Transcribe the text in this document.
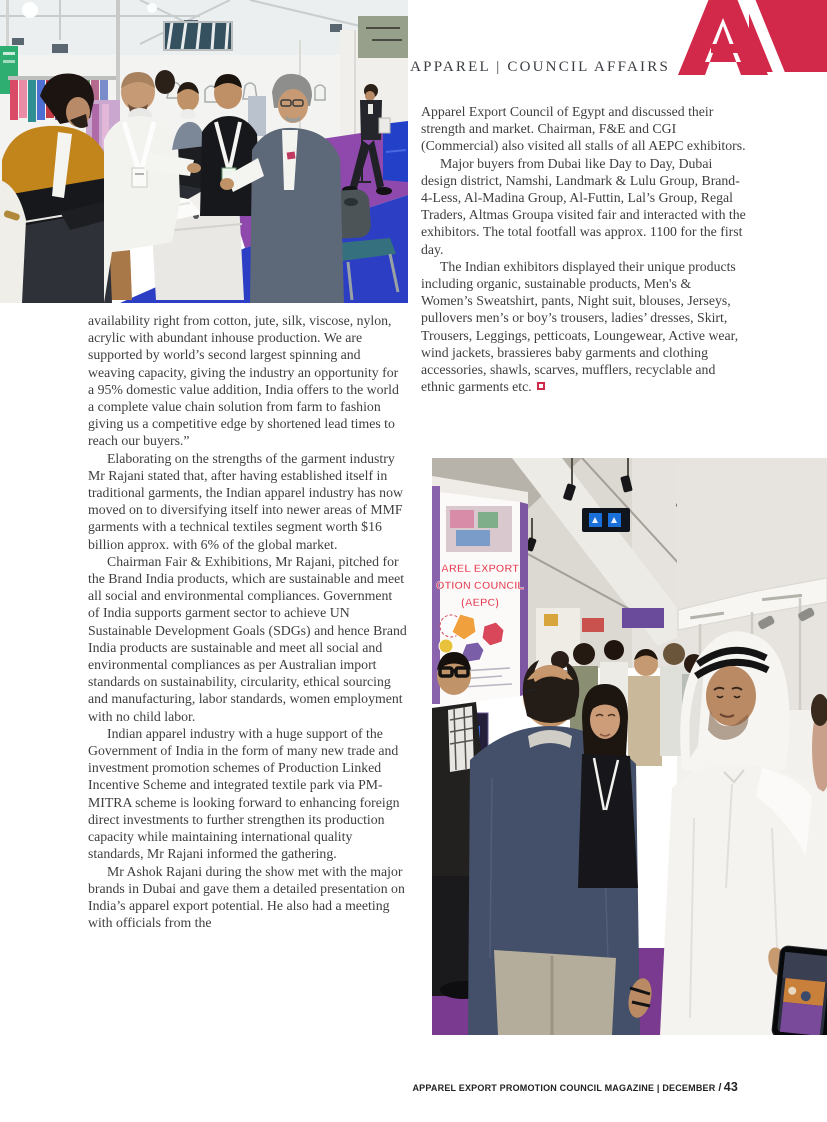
APPAREL | COUNCIL AFFAIRS

availability right from cotton, jute, silk, viscose, nylon, acrylic with abundant inhouse production. We are supported by world’s second largest spinning and weaving capacity, giving the industry an opportunity for a 95% domestic value addition, India offers to the world a complete value chain solution from farm to fashion giving us a competitive edge by shortened lead times to reach our buyers.”

Elaborating on the strengths of the garment industry Mr Rajani stated that, after having established itself in traditional garments, the Indian apparel industry has now moved on to diversifying itself into newer areas of MMF garments with a technical textiles segment worth $16 billion approx. with 6% of the global market.

Chairman Fair & Exhibitions, Mr Rajani, pitched for the Brand India products, which are sustainable and meet all social and environmental compliances. Government of India supports garment sector to achieve UN Sustainable Development Goals (SDGs) and hence Brand India products are sustainable and meet all social and environmental compliances as per Australian import standards on sustainability, circularity, ethical sourcing and manufacturing, labor standards, women employment with no child labor.

Indian apparel industry with a huge support of the Government of India in the form of many new trade and investment promotion schemes of Production Linked Incentive Scheme and integrated textile park via PM-MITRA scheme is looking forward to enhancing foreign direct investments to further strengthen its production capacity while maintaining international quality standards, Mr Rajani informed the gathering.

Mr Ashok Rajani during the show met with the major brands in Dubai and gave them a detailed presentation on India’s apparel export potential. He also had a meeting with officials from the

Apparel Export Council of Egypt and discussed their strength and market. Chairman, F&E and CGI (Commercial) also visited all stalls of all AEPC exhibitors.

Major buyers from Dubai like Day to Day, Dubai design district, Namshi, Landmark & Lulu Group, Brand-4-Less, Al-Madina Group, Al-Futtin, Lal’s Group, Regal Traders, Altmas Groupa visited fair and interacted with the exhibitors. The total footfall was approx. 1100 for the first day.

The Indian exhibitors displayed their unique products including organic, sustainable products, Men's & Women’s Sweatshirt, pants, Night suit, blouses, Jerseys, pullovers men’s or boy’s trousers, ladies’ dresses, Skirt, Trousers, Leggings, petticoats, Loungewear, Active wear, wind jackets, brassieres baby garments and clothing accessories, shawls, scarves, mufflers, recyclable and ethnic garments etc.

AREL EXPORT
OTION COUNCIL
(AEPC)
APPAREL EXPORT PROMOTION COUNCIL MAGAZINE | DECEMBER / 43
